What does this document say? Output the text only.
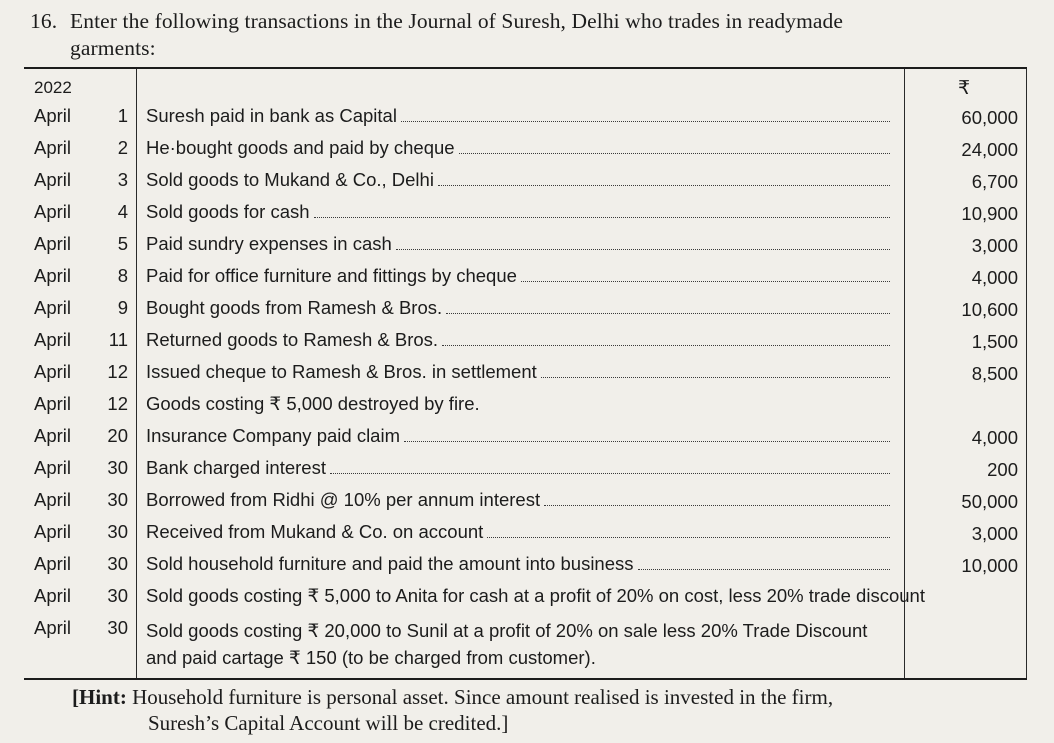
16. Enter the following transactions in the Journal of Suresh, Delhi who trades in readymade
garments:
2022	₹
April	1 Suresh paid in bank as Capital	60,000
April	2 He·bought goods and paid by cheque	24,000
April	3 Sold goods to Mukand & Co., Delhi	6,700
April	4 Sold goods for cash	10,900
April	5 Paid sundry expenses in cash	3,000
April	8 Paid for office furniture and fittings by cheque	4,000
April	9 Bought goods from Ramesh & Bros.	10,600
April	11 Returned goods to Ramesh & Bros.	1,500
April	12 Issued cheque to Ramesh & Bros. in settlement	8,500
April	12 Goods costing ₹ 5,000 destroyed by fire.
April	20 Insurance Company paid claim	4,000
April	30 Bank charged interest	200
April	30 Borrowed from Ridhi @ 10% per annum interest	50,000
April	30 Received from Mukand & Co. on account	3,000
April	30 Sold household furniture and paid the amount into business	10,000
April	30 Sold goods costing ₹ 5,000 to Anita for cash at a profit of 20% on cost, less 20% trade discount
April	30 Sold goods costing ₹ 20,000 to Sunil at a profit of 20% on sale less 20% Trade Discount and paid cartage ₹ 150 (to be charged from customer).
[Hint: Household furniture is personal asset. Since amount realised is invested in the firm,
Suresh’s Capital Account will be credited.]
